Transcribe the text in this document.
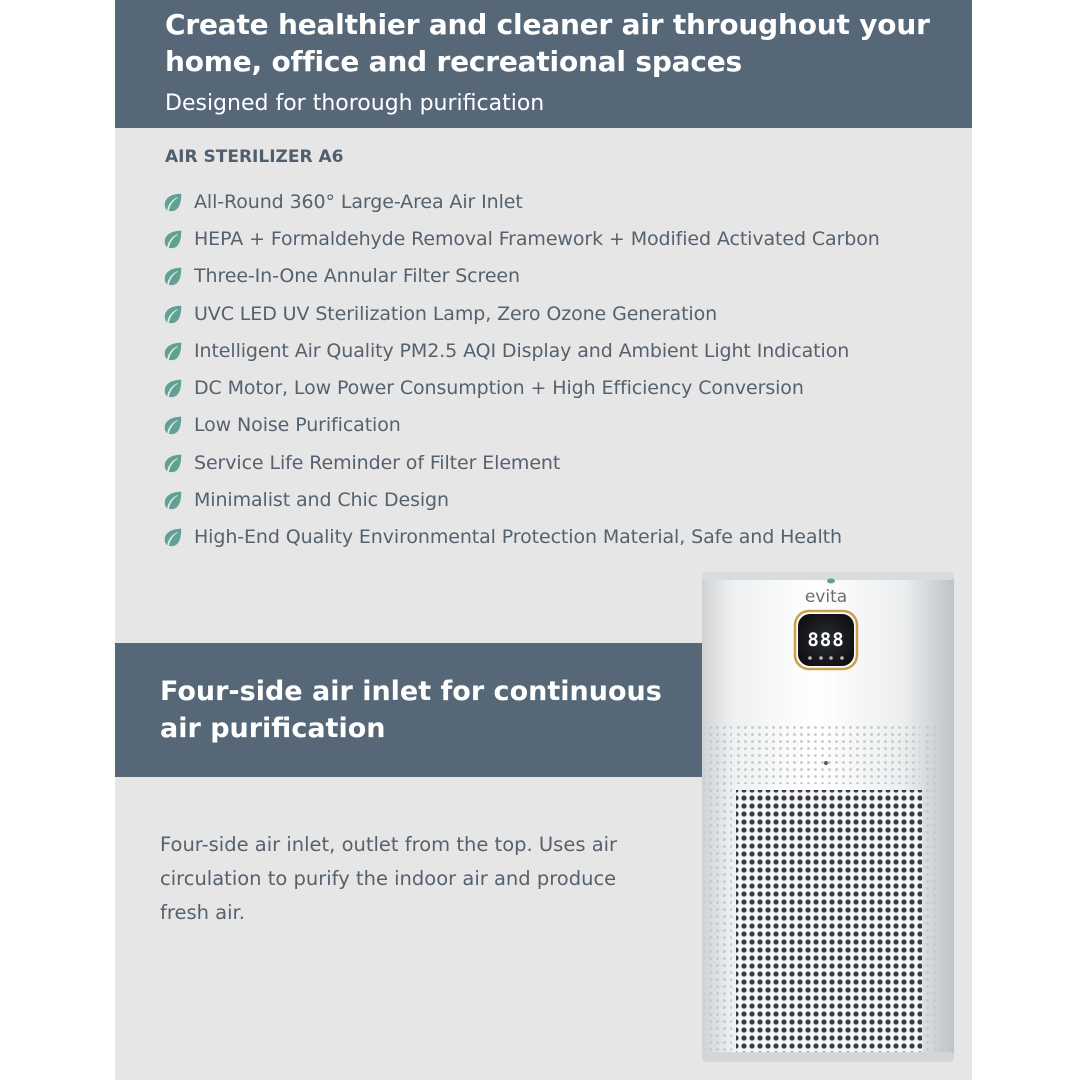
Create healthier and cleaner air throughout your home, office and recreational spaces

Designed for thorough purification

AIR STERILIZER A6
All-Round 360° Large-Area Air Inlet
HEPA + Formaldehyde Removal Framework + Modified Activated Carbon
Three-In-One Annular Filter Screen
UVC LED UV Sterilization Lamp, Zero Ozone Generation
Intelligent Air Quality PM2.5 AQI Display and Ambient Light Indication
DC Motor, Low Power Consumption + High Efficiency Conversion
Low Noise Purification
Service Life Reminder of Filter Element
Minimalist and Chic Design
High-End Quality Environmental Protection Material, Safe and Health
Four-side air inlet for continuous air purification

Four-side air inlet, outlet from the top. Uses air circulation to purify the indoor air and produce fresh air.

evita
888
